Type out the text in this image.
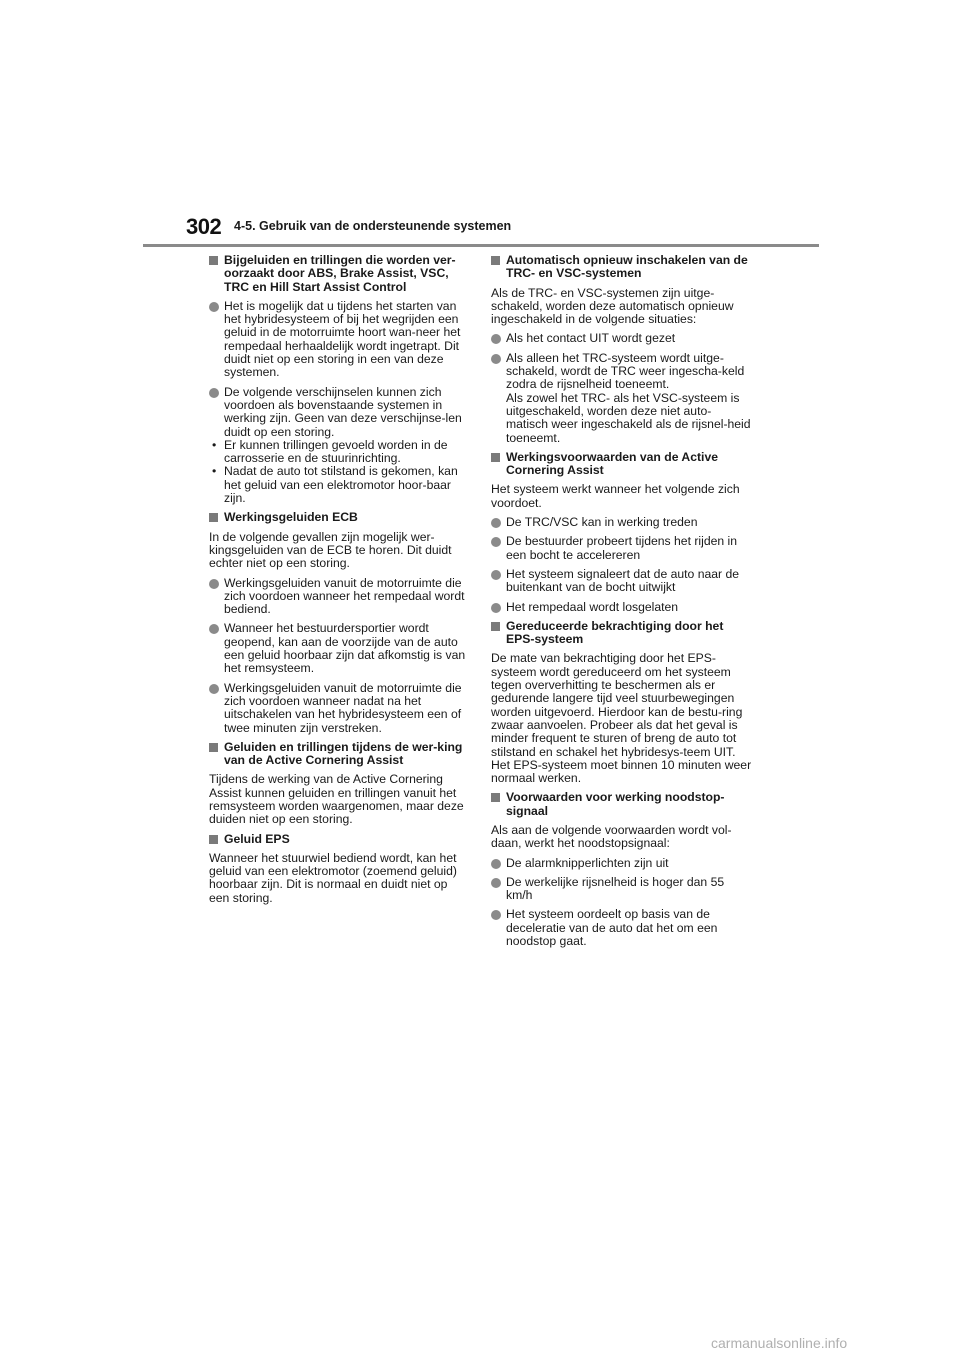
302 4-5. Gebruik van de ondersteunende systemen
Bijgeluiden en trillingen die worden ver-oorzaakt door ABS, Brake Assist, VSC, TRC en Hill Start Assist Control
Het is mogelijk dat u tijdens het starten van het hybridesysteem of bij het wegrijden een geluid in de motorruimte hoort wan-neer het rempedaal herhaaldelijk wordt ingetrapt. Dit duidt niet op een storing in een van deze systemen.
De volgende verschijnselen kunnen zich voordoen als bovenstaande systemen in werking zijn. Geen van deze verschijnse-len duidt op een storing.
• Er kunnen trillingen gevoeld worden in de carrosserie en de stuurinrichting.
• Nadat de auto tot stilstand is gekomen, kan het geluid van een elektromotor hoor-baar zijn.
Werkingsgeluiden ECB

In de volgende gevallen zijn mogelijk wer-kingsgeluiden van de ECB te horen. Dit duidt echter niet op een storing.

Werkingsgeluiden vanuit de motorruimte die zich voordoen wanneer het rempedaal wordt bediend.
Wanneer het bestuurdersportier wordt geopend, kan aan de voorzijde van de auto een geluid hoorbaar zijn dat afkomstig is van het remsysteem.
Werkingsgeluiden vanuit de motorruimte die zich voordoen wanneer nadat na het uitschakelen van het hybridesysteem een of twee minuten zijn verstreken.
Geluiden en trillingen tijdens de wer-king van de Active Cornering Assist

Tijdens de werking van de Active Cornering Assist kunnen geluiden en trillingen vanuit het remsysteem worden waargenomen, maar deze duiden niet op een storing.

Geluid EPS

Wanneer het stuurwiel bediend wordt, kan het geluid van een elektromotor (zoemend geluid) hoorbaar zijn. Dit is normaal en duidt niet op een storing.

Automatisch opnieuw inschakelen van de TRC- en VSC-systemen

Als de TRC- en VSC-systemen zijn uitge-schakeld, worden deze automatisch opnieuw ingeschakeld in de volgende situaties:

Als het contact UIT wordt gezet
Als alleen het TRC-systeem wordt uitge-schakeld, wordt de TRC weer ingescha-keld zodra de rijsnelheid toeneemt.
Als zowel het TRC- als het VSC-systeem is uitgeschakeld, worden deze niet auto-matisch weer ingeschakeld als de rijsnel-heid toeneemt.
Werkingsvoorwaarden van de Active Cornering Assist

Het systeem werkt wanneer het volgende zich voordoet.

De TRC/VSC kan in werking treden
De bestuurder probeert tijdens het rijden in een bocht te accelereren
Het systeem signaleert dat de auto naar de buitenkant van de bocht uitwijkt
Het rempedaal wordt losgelaten
Gereduceerde bekrachtiging door het EPS-systeem

De mate van bekrachtiging door het EPS-systeem wordt gereduceerd om het systeem tegen oververhitting te beschermen als er gedurende langere tijd veel stuurbewegingen worden uitgevoerd. Hierdoor kan de bestu-ring zwaar aanvoelen. Probeer als dat het geval is minder frequent te sturen of breng de auto tot stilstand en schakel het hybridesys-teem UIT. Het EPS-systeem moet binnen 10 minuten weer normaal werken.

Voorwaarden voor werking noodstop-signaal

Als aan de volgende voorwaarden wordt vol-daan, werkt het noodstopsignaal:

De alarmknipperlichten zijn uit
De werkelijke rijsnelheid is hoger dan 55 km/h
Het systeem oordeelt op basis van de deceleratie van de auto dat het om een noodstop gaat.
carmanualsonline.info
